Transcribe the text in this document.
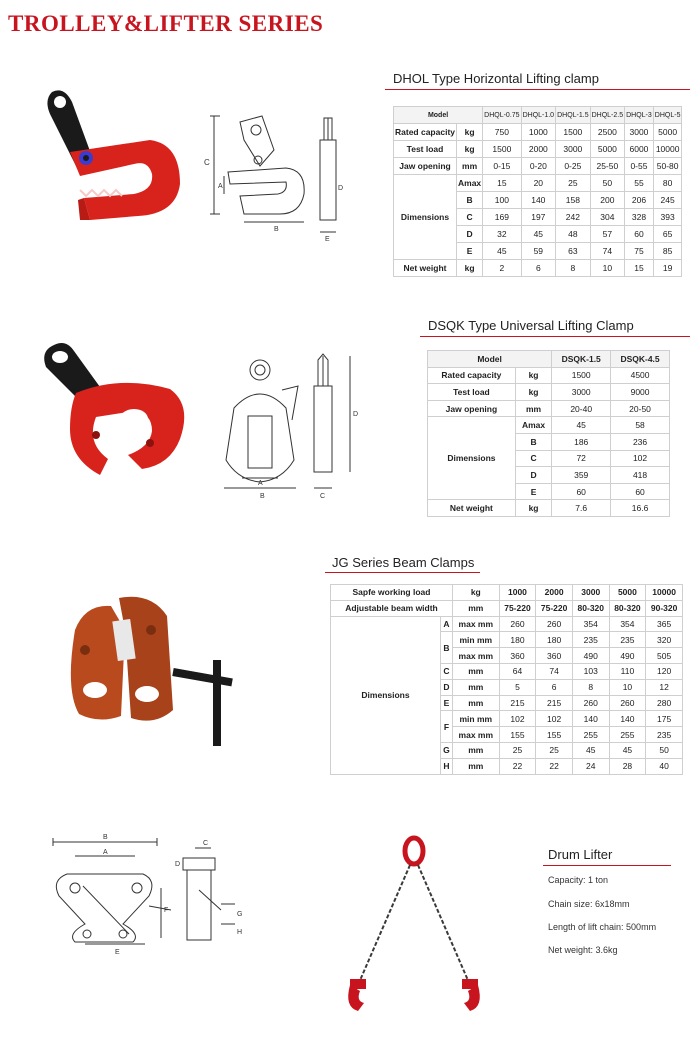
TROLLEY&LIFTER SERIES
DHOL Type Horizontal Lifting clamp
C
A
B
D
E
Model		DHQL-0.75	DHQL-1.0	DHQL-1.5	DHQL-2.5	DHQL-3	DHQL-5
Rated capacity	kg	750	1000	1500	2500	3000	5000
Test load	kg	1500	2000	3000	5000	6000	10000
Jaw opening	mm	0-15	0-20	0-25	25-50	0-55	50-80
Dimensions	Amax	15	20	25	50	55	80
	B	100	140	158	200	206	245
	C	169	197	242	304	328	393
	D	32	45	48	57	60	65
	E	45	59	63	74	75	85
Net weight	kg	2	6	8	10	15	19
DSQK Type Universal Lifting Clamp
A
B	C
D
Model		DSQK-1.5	DSQK-4.5
Rated capacity	kg	1500	4500
Test load	kg	3000	9000
Jaw opening	mm	20-40	20-50
Dimensions	Amax	45	58
	B	186	236
	C	72	102
	D	359	418
	E	60	60
Net weight	kg	7.6	16.6
JG Series Beam Clamps
Sapfe working load		kg	1000	2000	3000	5000	10000
Adjustable beam width		mm	75-220	75-220	80-320	80-320	90-320
Dimensions	A	max mm	260	260	354	354	365
	B	min mm	180	180	235	235	320
		max mm	360	360	490	490	505
	C	mm	64	74	103	110	120
	D	mm	5	6	8	10	12
	E	mm	215	215	260	260	280
	F	min mm	102	102	140	140	175
		max mm	155	155	255	255	235
	G	mm	25	25	45	45	50
	H	mm	22	22	24	28	40
B
A
E
F
C
D
G
H
Drum Lifter
Capacity: 1 ton
Chain size: 6x18mm
Length of lift chain: 500mm
Net weight: 3.6kg
